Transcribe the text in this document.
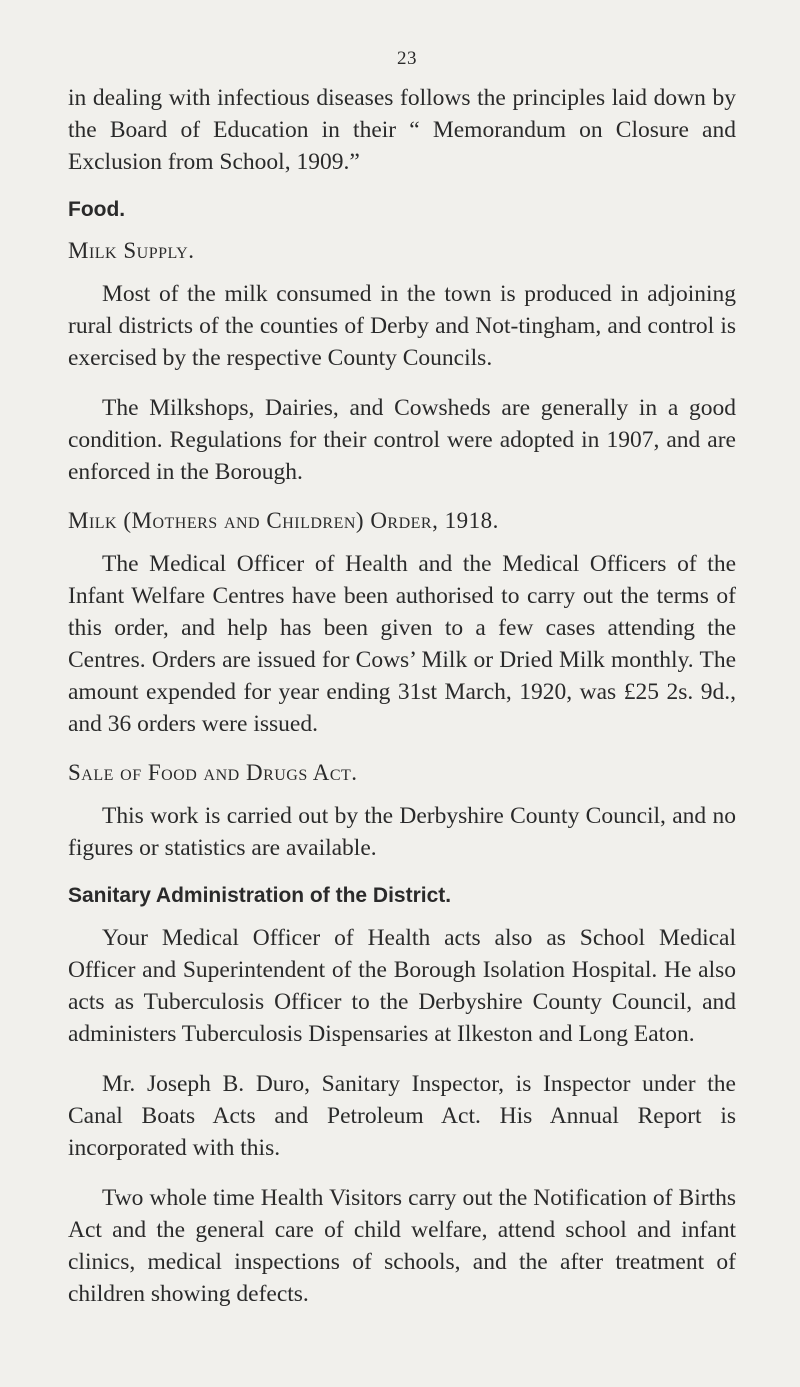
23

in dealing with infectious diseases follows the principles laid down by the Board of Education in their “ Memorandum on Closure and Exclusion from School, 1909.”

Food.
Milk Supply.

Most of the milk consumed in the town is produced in adjoining rural districts of the counties of Derby and Not-tingham, and control is exercised by the respective County Councils.

The Milkshops, Dairies, and Cowsheds are generally in a good condition. Regulations for their control were adopted in 1907, and are enforced in the Borough.

Milk (Mothers and Children) Order, 1918.

The Medical Officer of Health and the Medical Officers of the Infant Welfare Centres have been authorised to carry out the terms of this order, and help has been given to a few cases attending the Centres. Orders are issued for Cows’ Milk or Dried Milk monthly. The amount expended for year ending 31st March, 1920, was £25 2s. 9d., and 36 orders were issued.

Sale of Food and Drugs Act.

This work is carried out by the Derbyshire County Council, and no figures or statistics are available.

Sanitary Administration of the District.

Your Medical Officer of Health acts also as School Medical Officer and Superintendent of the Borough Isolation Hospital. He also acts as Tuberculosis Officer to the Derbyshire County Council, and administers Tuberculosis Dispensaries at Ilkeston and Long Eaton.

Mr. Joseph B. Duro, Sanitary Inspector, is Inspector under the Canal Boats Acts and Petroleum Act. His Annual Report is incorporated with this.

Two whole time Health Visitors carry out the Notification of Births Act and the general care of child welfare, attend school and infant clinics, medical inspections of schools, and the after treatment of children showing defects.
